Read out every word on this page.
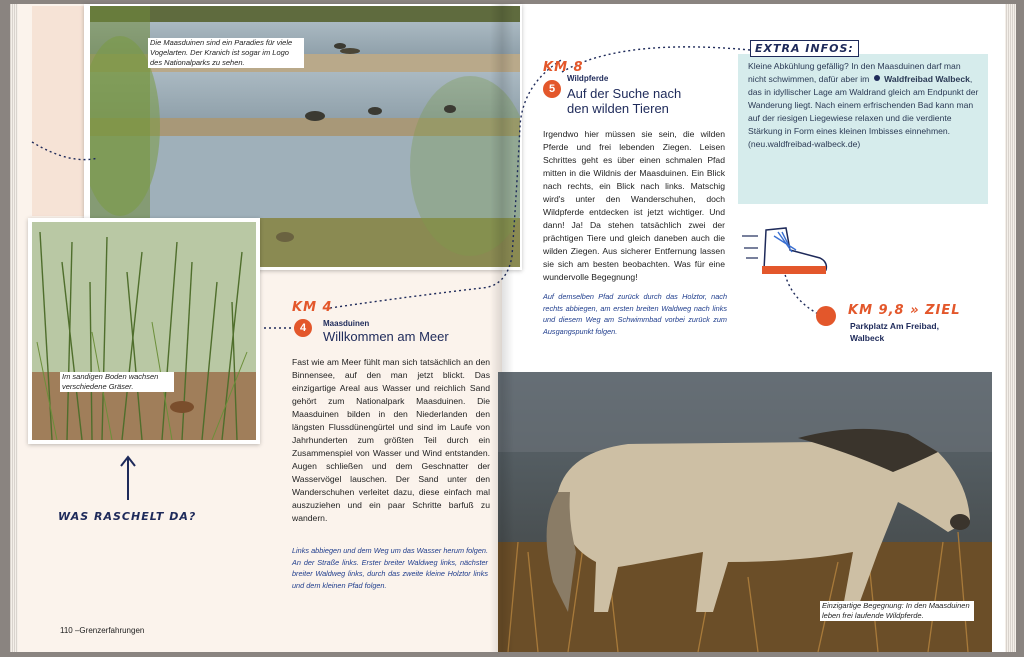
Die Maasduinen sind ein Paradies für viele Vogelarten. Der Kranich ist sogar im Logo des Nationalparks zu sehen.
Im sandigen Boden wachsen verschiedene Gräser.
WAS RASCHELT DA?
KM 4
4	Maasduinen
Willkommen am Meer
Fast wie am Meer fühlt man sich tatsächlich an den Binnensee, auf den man jetzt blickt. Das einzigartige Areal aus Wasser und reichlich Sand gehört zum Nationalpark Maasduinen. Die Maasduinen bilden in den Niederlanden den längsten Flussdünengürtel und sind im Laufe von Jahrhunderten zum größten Teil durch ein Zusammenspiel von Wasser und Wind entstanden. Augen schließen und dem Geschnatter der Wasservögel lauschen. Der Sand unter den Wanderschuhen verleitet dazu, diese einfach mal auszuziehen und ein paar Schritte barfuß zu wandern.
Links abbiegen und dem Weg um das Wasser herum folgen. An der Straße links. Erster breiter Waldweg links, nächster breiter Waldweg links, durch das zweite kleine Holztor links und dem kleinen Pfad folgen.
110 –Grenzerfahrungen
KM 8
5
Wildpferde
Auf der Suche nach den wilden Tieren
Irgendwo hier müssen sie sein, die wilden Pferde und frei lebenden Ziegen. Leisen Schrittes geht es über einen schmalen Pfad mitten in die Wildnis der Maasduinen. Ein Blick nach rechts, ein Blick nach links. Matschig wird's unter den Wanderschuhen, doch Wildpferde entdecken ist jetzt wichtiger. Und dann! Ja! Da stehen tatsächlich zwei der prächtigen Tiere und gleich daneben auch die wilden Ziegen. Aus sicherer Entfernung lassen sie sich am besten beobachten. Was für eine wundervolle Begegnung!
Auf demselben Pfad zurück durch das Holztor, nach rechts abbiegen, am ersten breiten Waldweg nach links und diesem Weg am Schwimmbad vorbei zurück zum Ausgangspunkt folgen.
EXTRA INFOS:
Kleine Abkühlung gefällig? In den Maasduinen darf man nicht schwimmen, dafür aber im Waldfreibad Walbeck, das in idyllischer Lage am Waldrand gleich am Endpunkt der Wanderung liegt. Nach einem erfrischenden Bad kann man auf der riesigen Liegewiese relaxen und die verdiente Stärkung in Form eines kleinen Imbisses einnehmen. (neu.waldfreibad-walbeck.de)
KM 9,8 » ZIEL
Parkplatz Am Freibad, Walbeck
Einzigartige Begegnung: In den Maasduinen leben frei laufende Wildpferde.
